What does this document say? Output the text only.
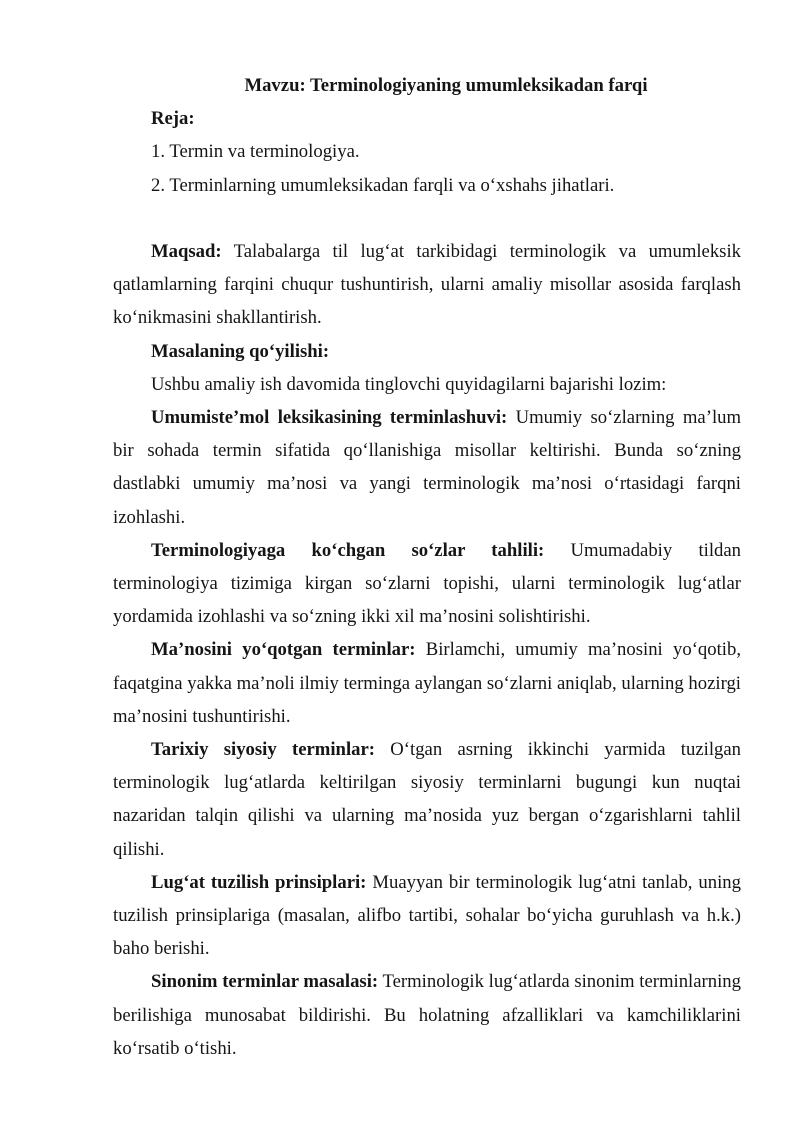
Mavzu: Terminologiyaning umumleksikadan farqi

Reja:

1. Termin va terminologiya.

2. Terminlarning umumleksikadan farqli va o‘xshahs jihatlari.

Maqsad: Talabalarga til lug‘at tarkibidagi terminologik va umumleksik qatlamlarning farqini chuqur tushuntirish, ularni amaliy misollar asosida farqlash ko‘nikmasini shakllantirish.

Masalaning qo‘yilishi:

Ushbu amaliy ish davomida tinglovchi quyidagilarni bajarishi lozim:

Umumiste’mol leksikasining terminlashuvi: Umumiy so‘zlarning ma’lum bir sohada termin sifatida qo‘llanishiga misollar keltirishi. Bunda so‘zning dastlabki umumiy ma’nosi va yangi terminologik ma’nosi o‘rtasidagi farqni izohlashi.

Terminologiyaga ko‘chgan so‘zlar tahlili: Umumadabiy tildan terminologiya tizimiga kirgan so‘zlarni topishi, ularni terminologik lug‘atlar yordamida izohlashi va so‘zning ikki xil ma’nosini solishtirishi.

Ma’nosini yo‘qotgan terminlar: Birlamchi, umumiy ma’nosini yo‘qotib, faqatgina yakka ma’noli ilmiy terminga aylangan so‘zlarni aniqlab, ularning hozirgi ma’nosini tushuntirishi.

Tarixiy siyosiy terminlar: O‘tgan asrning ikkinchi yarmida tuzilgan terminologik lug‘atlarda keltirilgan siyosiy terminlarni bugungi kun nuqtai nazaridan talqin qilishi va ularning ma’nosida yuz bergan o‘zgarishlarni tahlil qilishi.

Lug‘at tuzilish prinsiplari: Muayyan bir terminologik lug‘atni tanlab, uning tuzilish prinsiplariga (masalan, alifbo tartibi, sohalar bo‘yicha guruhlash va h.k.) baho berishi.

Sinonim terminlar masalasi: Terminologik lug‘atlarda sinonim terminlarning berilishiga munosabat bildirishi. Bu holatning afzalliklari va kamchiliklarini ko‘rsatib o‘tishi.
